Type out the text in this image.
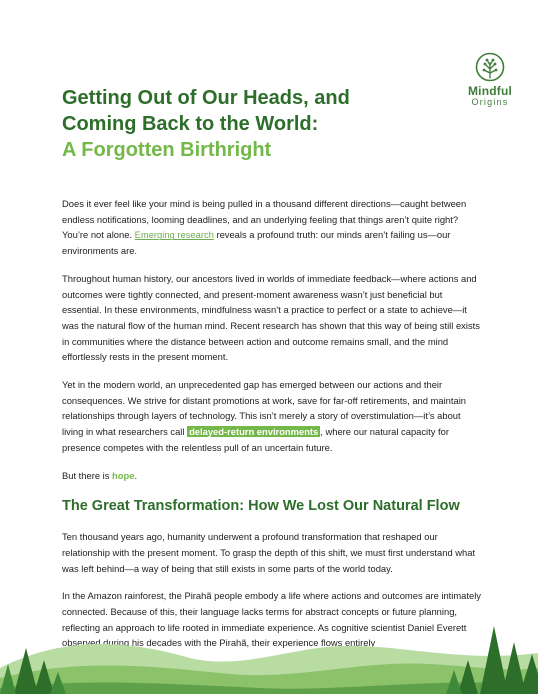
Mindful
Origins
Getting Out of Our Heads, and
Coming Back to the World:
A Forgotten Birthright

Does it ever feel like your mind is being pulled in a thousand different directions—caught between endless notifications, looming deadlines, and an underlying feeling that things aren’t quite right? You’re not alone. Emerging research reveals a profound truth: our minds aren’t failing us—our environments are.

Throughout human history, our ancestors lived in worlds of immediate feedback—where actions and outcomes were tightly connected, and present-moment awareness wasn’t just beneficial but essential. In these environments, mindfulness wasn’t a practice to perfect or a state to achieve—it was the natural flow of the human mind. Recent research has shown that this way of being still exists in communities where the distance between action and outcome remains small, and the mind effortlessly rests in the present moment.

Yet in the modern world, an unprecedented gap has emerged between our actions and their consequences. We strive for distant promotions at work, save for far-off retirements, and maintain relationships through layers of technology. This isn’t merely a story of overstimulation—it’s about living in what researchers call delayed-return environments , where our natural capacity for presence competes with the relentless pull of an uncertain future.

But there is hope.

The Great Transformation: How We Lost Our Natural Flow

Ten thousand years ago, humanity underwent a profound transformation that reshaped our relationship with the present moment. To grasp the depth of this shift, we must first understand what was left behind—a way of being that still exists in some parts of the world today.

In the Amazon rainforest, the Pirahã people embody a life where actions and outcomes are intimately connected. Because of this, their language lacks terms for abstract concepts or future planning, reflecting an approach to life rooted in immediate experience. As cognitive scientist Daniel Everett observed during his decades with the Pirahã, their experience flows entirely
